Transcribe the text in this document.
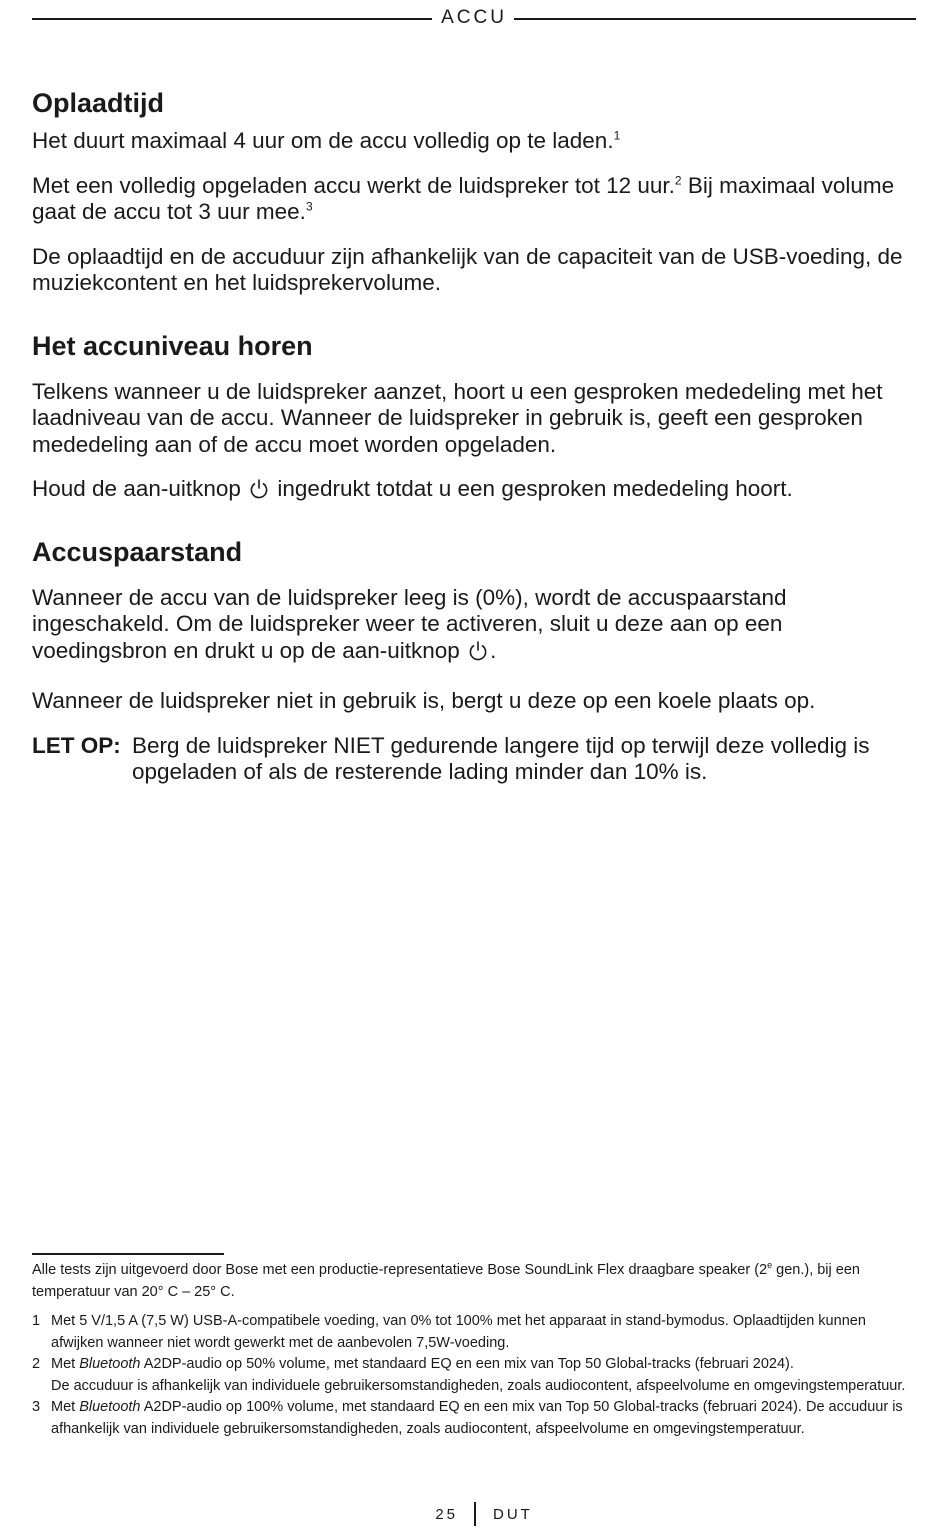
ACCU
Oplaadtijd

Het duurt maximaal 4 uur om de accu volledig op te laden.$^1$

Met een volledig opgeladen accu werkt de luidspreker tot 12 uur.$^2$ Bij maximaal volume gaat de accu tot 3 uur mee.$^3$

De oplaadtijd en de accuduur zijn afhankelijk van de capaciteit van de USB-voeding, de muziekcontent en het luidsprekervolume.

Het accuniveau horen

Telkens wanneer u de luidspreker aanzet, hoort u een gesproken mededeling met het laadniveau van de accu. Wanneer de luidspreker in gebruik is, geeft een gesproken mededeling aan of de accu moet worden opgeladen.

Houd de aan-uitknop  ingedrukt totdat u een gesproken mededeling hoort.

Accuspaarstand

Wanneer de accu van de luidspreker leeg is (0%), wordt de accuspaarstand ingeschakeld. Om de luidspreker weer te activeren, sluit u deze aan op een voedingsbron en drukt u op de aan-uitknop .

Wanneer de luidspreker niet in gebruik is, bergt u deze op een koele plaats op.

LET OP: Berg de luidspreker NIET gedurende langere tijd op terwijl deze volledig is opgeladen of als de resterende lading minder dan 10% is.
Alle tests zijn uitgevoerd door Bose met een productie-representatieve Bose SoundLink Flex draagbare speaker (2e gen.), bij een temperatuur van 20° C – 25° C.
1 Met 5 V/1,5 A (7,5 W) USB-A-compatibele voeding, van 0% tot 100% met het apparaat in stand-bymodus. Oplaadtijden kunnen afwijken wanneer niet wordt gewerkt met de aanbevolen 7,5W-voeding.
2 Met Bluetooth A2DP-audio op 50% volume, met standaard EQ en een mix van Top 50 Global-tracks (februari 2024).
De accuduur is afhankelijk van individuele gebruikersomstandigheden, zoals audiocontent, afspeelvolume en omgevingstemperatuur.
3 Met Bluetooth A2DP-audio op 100% volume, met standaard EQ en een mix van Top 50 Global-tracks (februari 2024). De accuduur is afhankelijk van individuele gebruikersomstandigheden, zoals audiocontent, afspeelvolume en omgevingstemperatuur.
25 DUT
